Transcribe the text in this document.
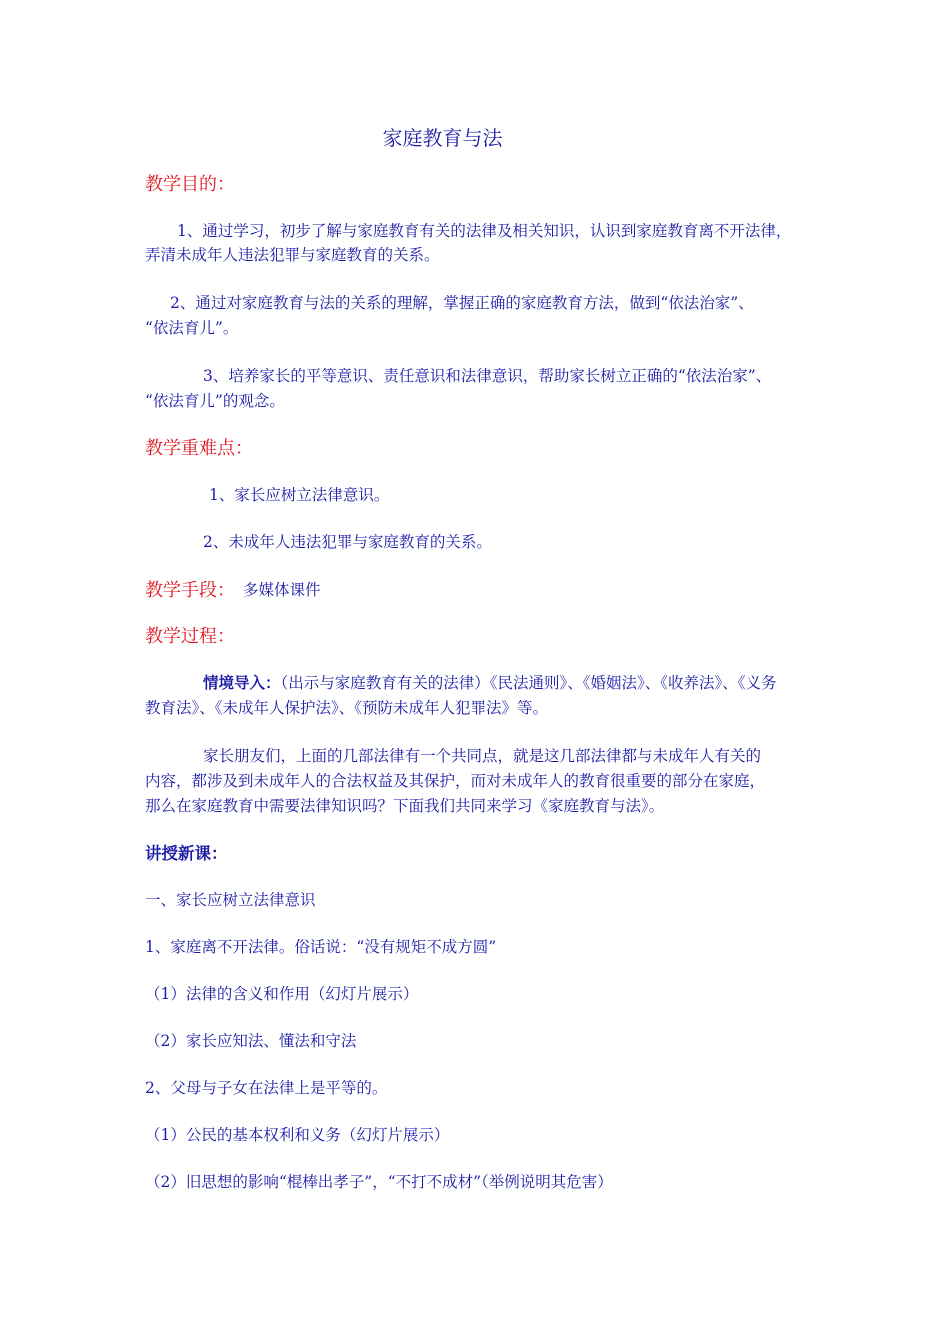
家庭教育与法
教学目的：
1、通过学习，初步了解与家庭教育有关的法律及相关知识，认识到家庭教育离不开法律，
弄清未成年人违法犯罪与家庭教育的关系。
2、通过对家庭教育与法的关系的理解，掌握正确的家庭教育方法，做到“依法治家”、
“依法育儿”。
3、培养家长的平等意识、责任意识和法律意识，帮助家长树立正确的“依法治家”、
“依法育儿”的观念。
教学重难点：
1、家长应树立法律意识。
2、未成年人违法犯罪与家庭教育的关系。
教学手段： 多媒体课件
教学过程：
情境导入：（出示与家庭教育有关的法律）《民法通则》、《婚姻法》、《收养法》、《义务
教育法》、《未成年人保护法》、《预防未成年人犯罪法》等。
家长朋友们，上面的几部法律有一个共同点，就是这几部法律都与未成年人有关的
内容，都涉及到未成年人的合法权益及其保护，而对未成年人的教育很重要的部分在家庭，
那么在家庭教育中需要法律知识吗？下面我们共同来学习《家庭教育与法》。
讲授新课：
一、家长应树立法律意识
1、家庭离不开法律。俗话说：“没有规矩不成方圆”
（1）法律的含义和作用（幻灯片展示）
（2）家长应知法、懂法和守法
2、父母与子女在法律上是平等的。
（1）公民的基本权利和义务（幻灯片展示）
（2）旧思想的影响“棍棒出孝子”，“不打不成材”（举例说明其危害）
